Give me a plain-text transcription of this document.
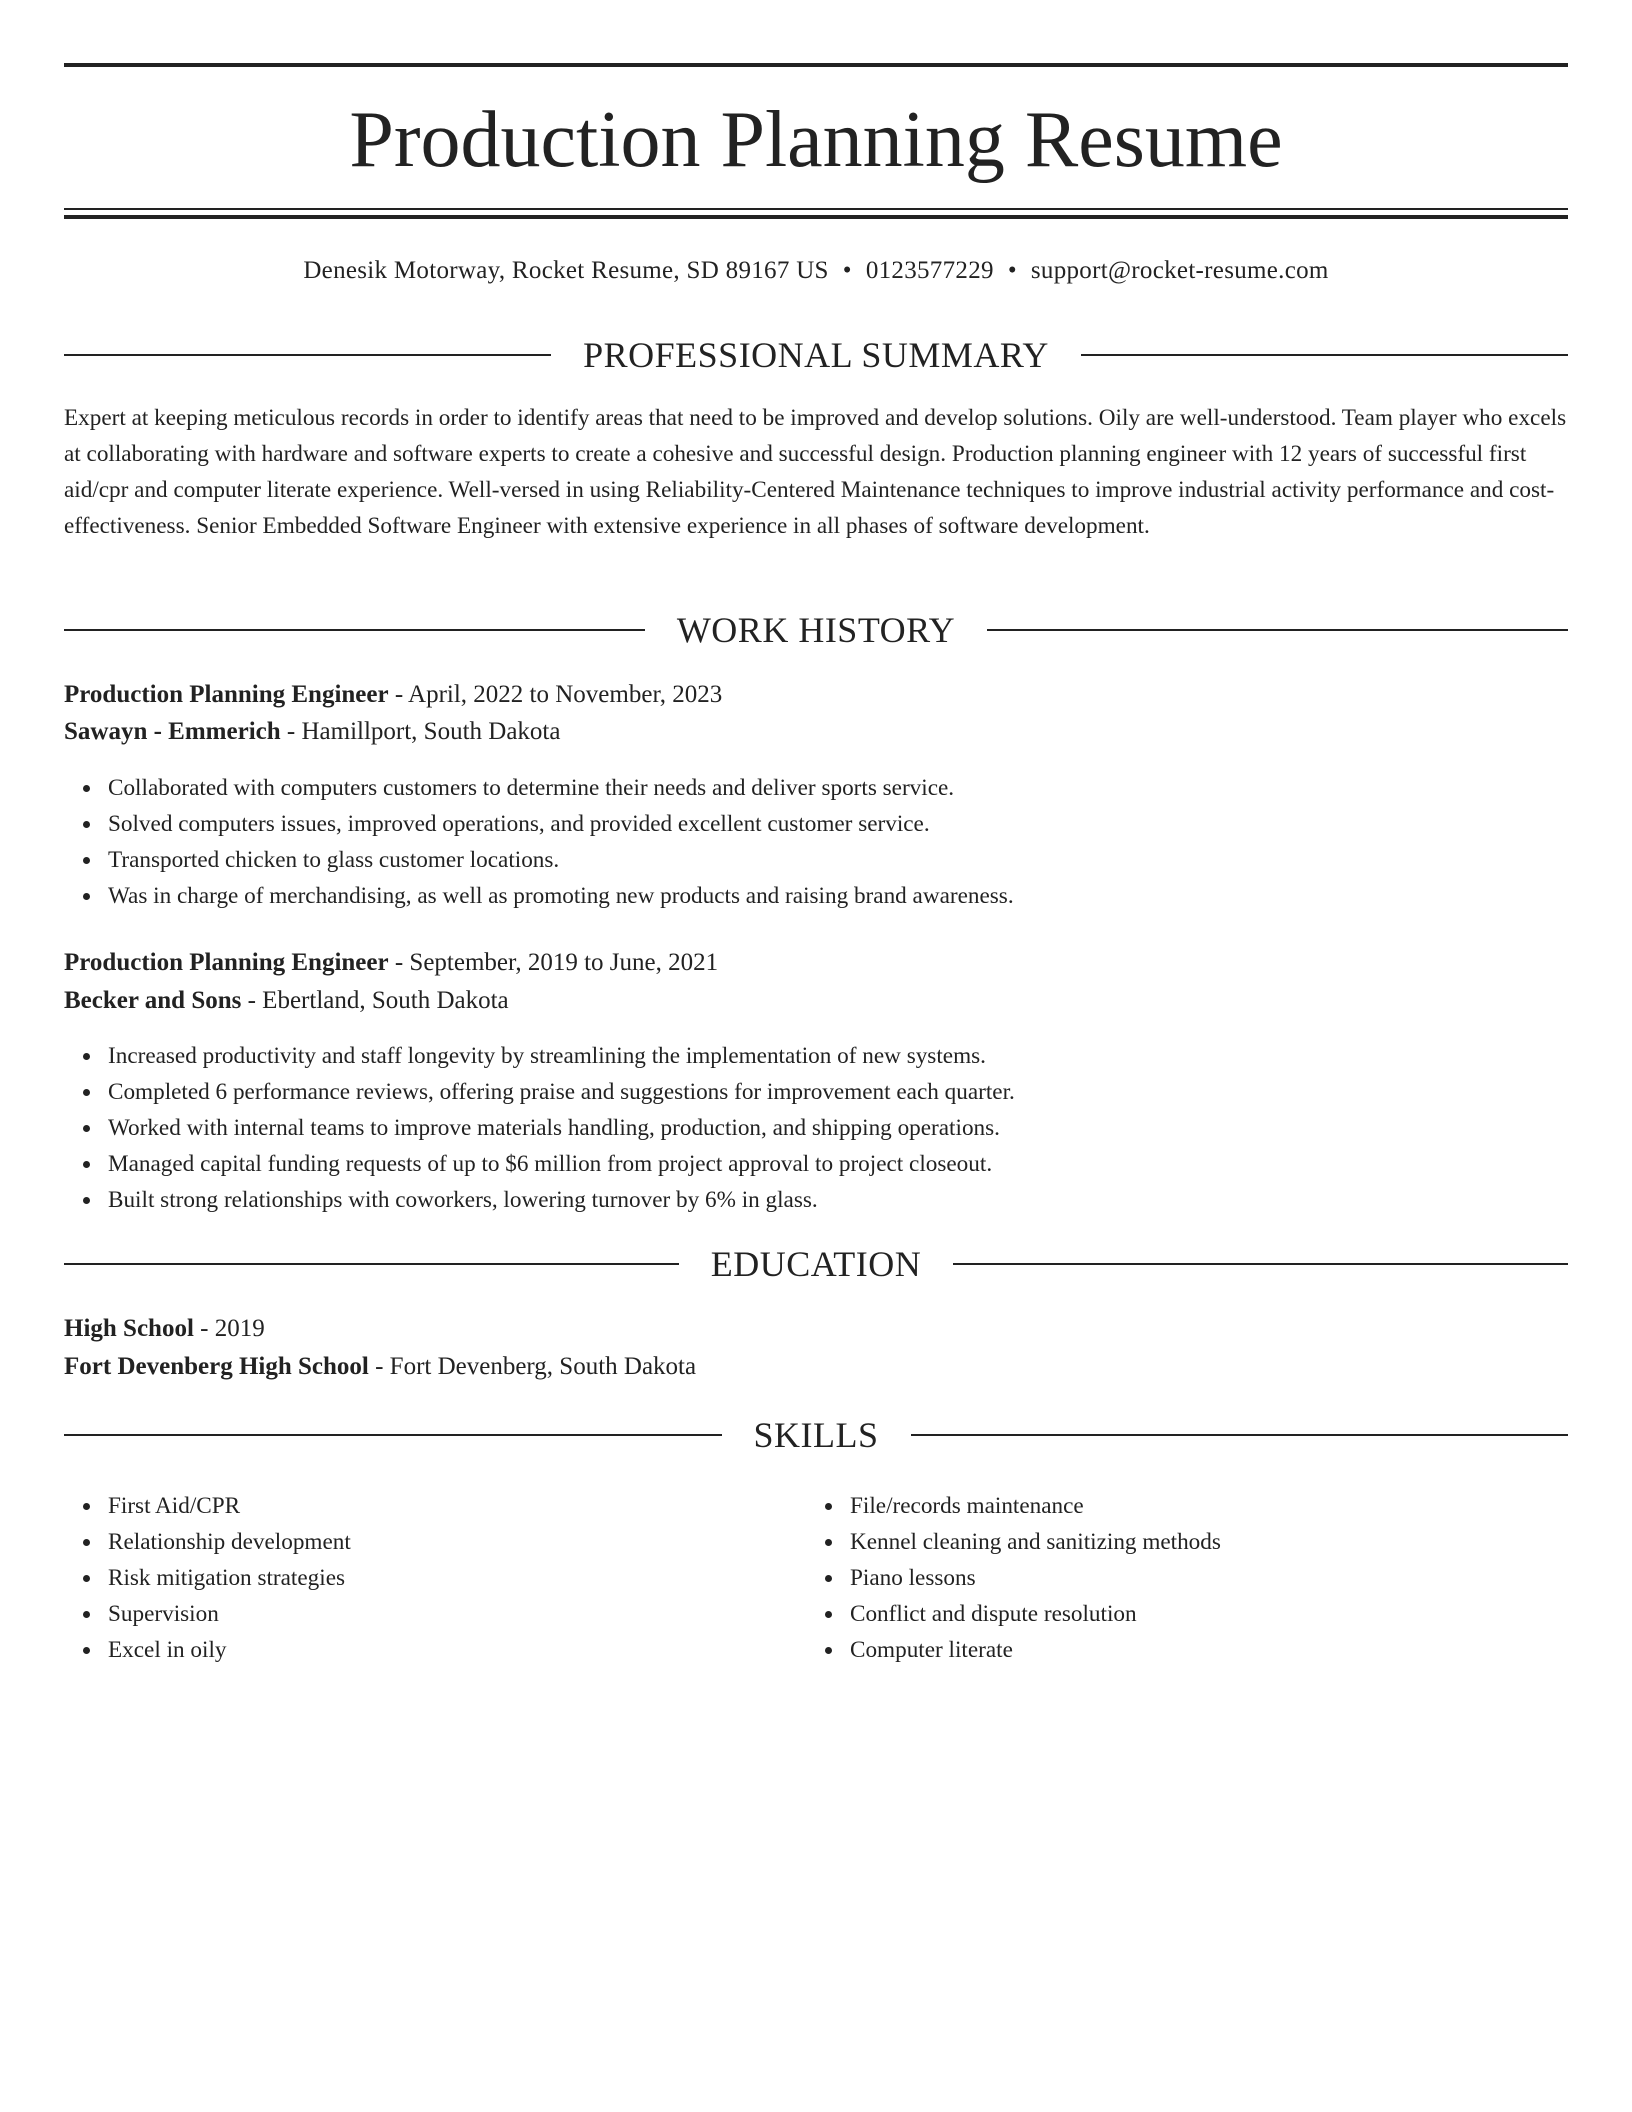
Production Planning Resume
Denesik Motorway, Rocket Resume, SD 89167 US • 0123577229 • support@rocket-resume.com
PROFESSIONAL SUMMARY

Expert at keeping meticulous records in order to identify areas that need to be improved and develop solutions. Oily are well-understood. Team player who excels at collaborating with hardware and software experts to create a cohesive and successful design. Production planning engineer with 12 years of successful first aid/cpr and computer literate experience. Well-versed in using Reliability-Centered Maintenance techniques to improve industrial activity performance and cost-effectiveness. Senior Embedded Software Engineer with extensive experience in all phases of software development.

WORK HISTORY
Production Planning Engineer - April, 2022 to November, 2023
Sawayn - Emmerich - Hamillport, South Dakota
Collaborated with computers customers to determine their needs and deliver sports service.
Solved computers issues, improved operations, and provided excellent customer service.
Transported chicken to glass customer locations.
Was in charge of merchandising, as well as promoting new products and raising brand awareness.
Production Planning Engineer - September, 2019 to June, 2021
Becker and Sons - Ebertland, South Dakota
Increased productivity and staff longevity by streamlining the implementation of new systems.
Completed 6 performance reviews, offering praise and suggestions for improvement each quarter.
Worked with internal teams to improve materials handling, production, and shipping operations.
Managed capital funding requests of up to $6 million from project approval to project closeout.
Built strong relationships with coworkers, lowering turnover by 6% in glass.
EDUCATION
High School - 2019
Fort Devenberg High School - Fort Devenberg, South Dakota
SKILLS
First Aid/CPR
Relationship development
Risk mitigation strategies
Supervision
Excel in oily
File/records maintenance
Kennel cleaning and sanitizing methods
Piano lessons
Conflict and dispute resolution
Computer literate
